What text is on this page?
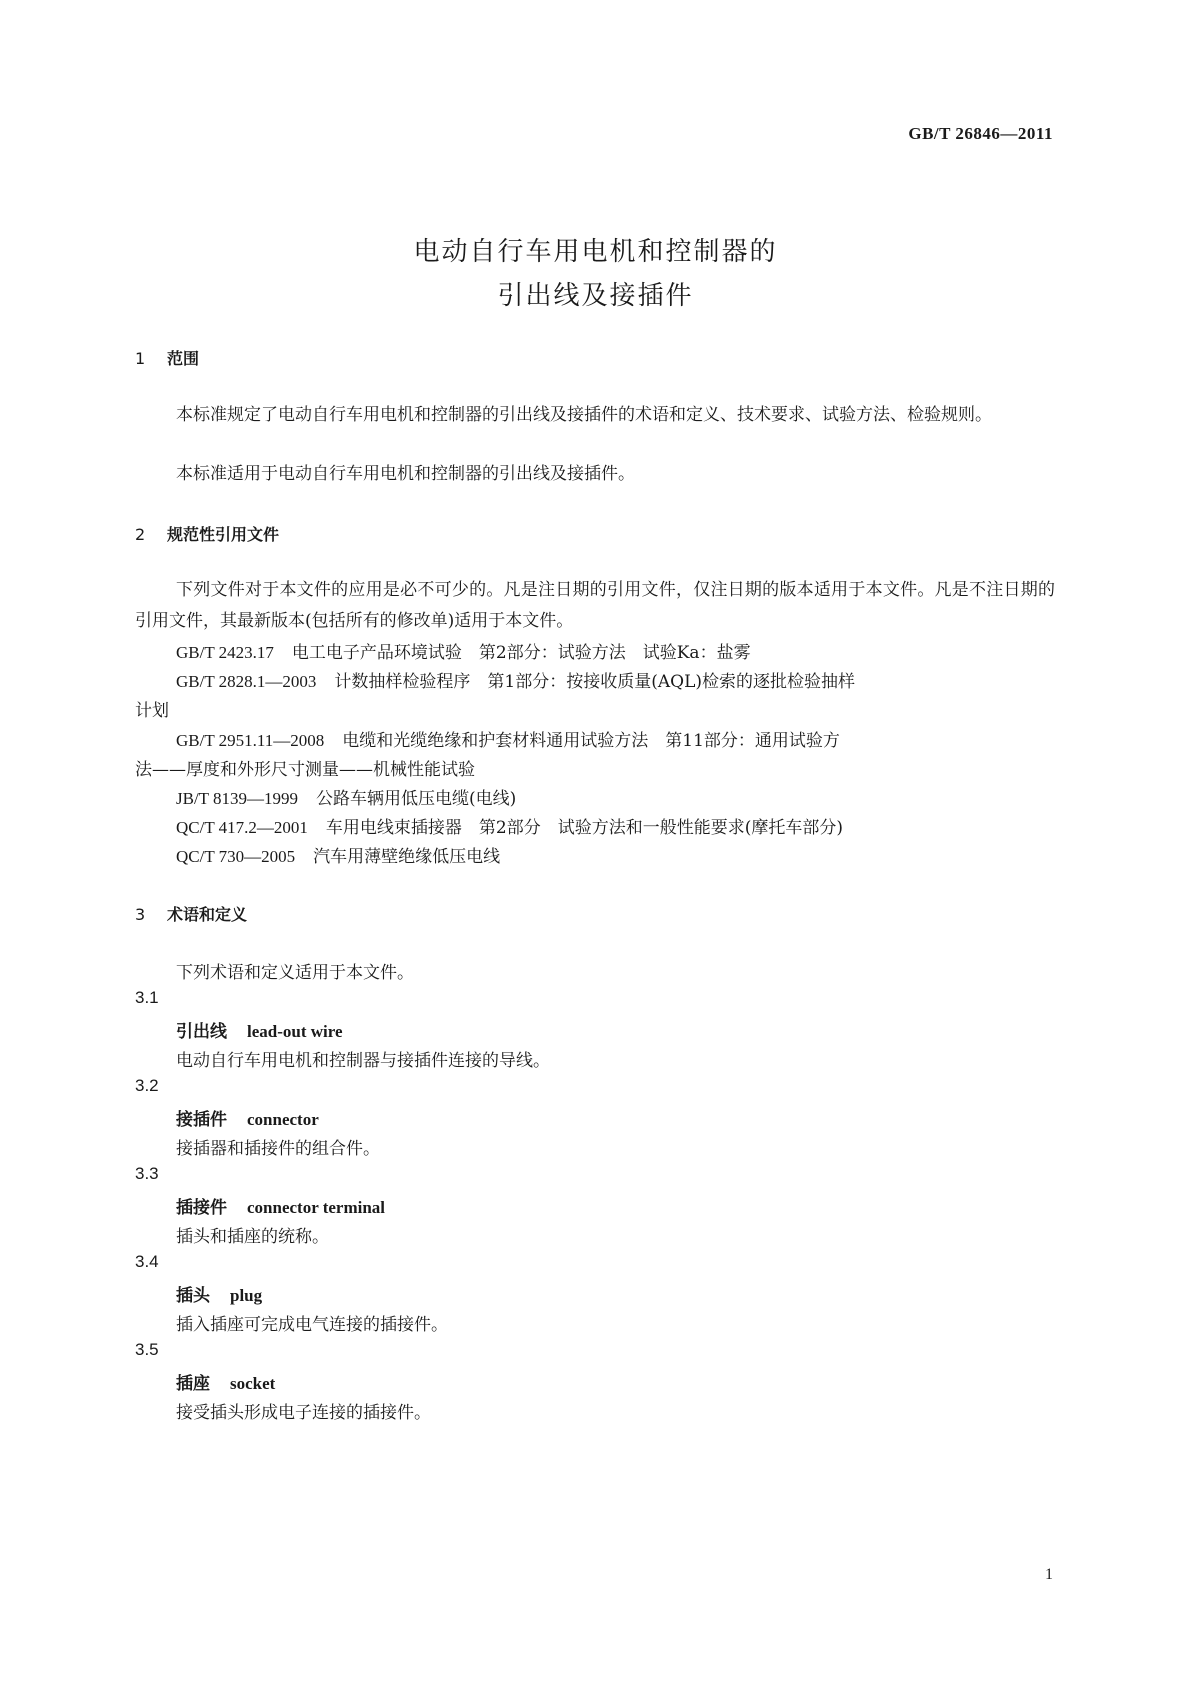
GB/T 26846—2011
电动自行车用电机和控制器的
引出线及接插件
1 范围
本标准规定了电动自行车用电机和控制器的引出线及接插件的术语和定义、技术要求、试验方法、检验规则。
本标准适用于电动自行车用电机和控制器的引出线及接插件。
2 规范性引用文件
下列文件对于本文件的应用是必不可少的。凡是注日期的引用文件，仅注日期的版本适用于本文件。凡是不注日期的引用文件，其最新版本(包括所有的修改单)适用于本文件。
GB/T 2423.17 电工电子产品环境试验　第2部分：试验方法　试验Ka：盐雾
GB/T 2828.1—2003 计数抽样检验程序　第1部分：按接收质量(AQL)检索的逐批检验抽样
计划
GB/T 2951.11—2008 电缆和光缆绝缘和护套材料通用试验方法　第11部分：通用试验方
法——厚度和外形尺寸测量——机械性能试验
JB/T 8139—1999 公路车辆用低压电缆(电线)
QC/T 417.2—2001 车用电线束插接器　第2部分　试验方法和一般性能要求(摩托车部分)
QC/T 730—2005 汽车用薄壁绝缘低压电线
3 术语和定义
下列术语和定义适用于本文件。
3.1
引出线 lead-out wire
电动自行车用电机和控制器与接插件连接的导线。
3.2
接插件 connector
接插器和插接件的组合件。
3.3
插接件 connector terminal
插头和插座的统称。
3.4
插头 plug
插入插座可完成电气连接的插接件。
3.5
插座 socket
接受插头形成电子连接的插接件。
1
